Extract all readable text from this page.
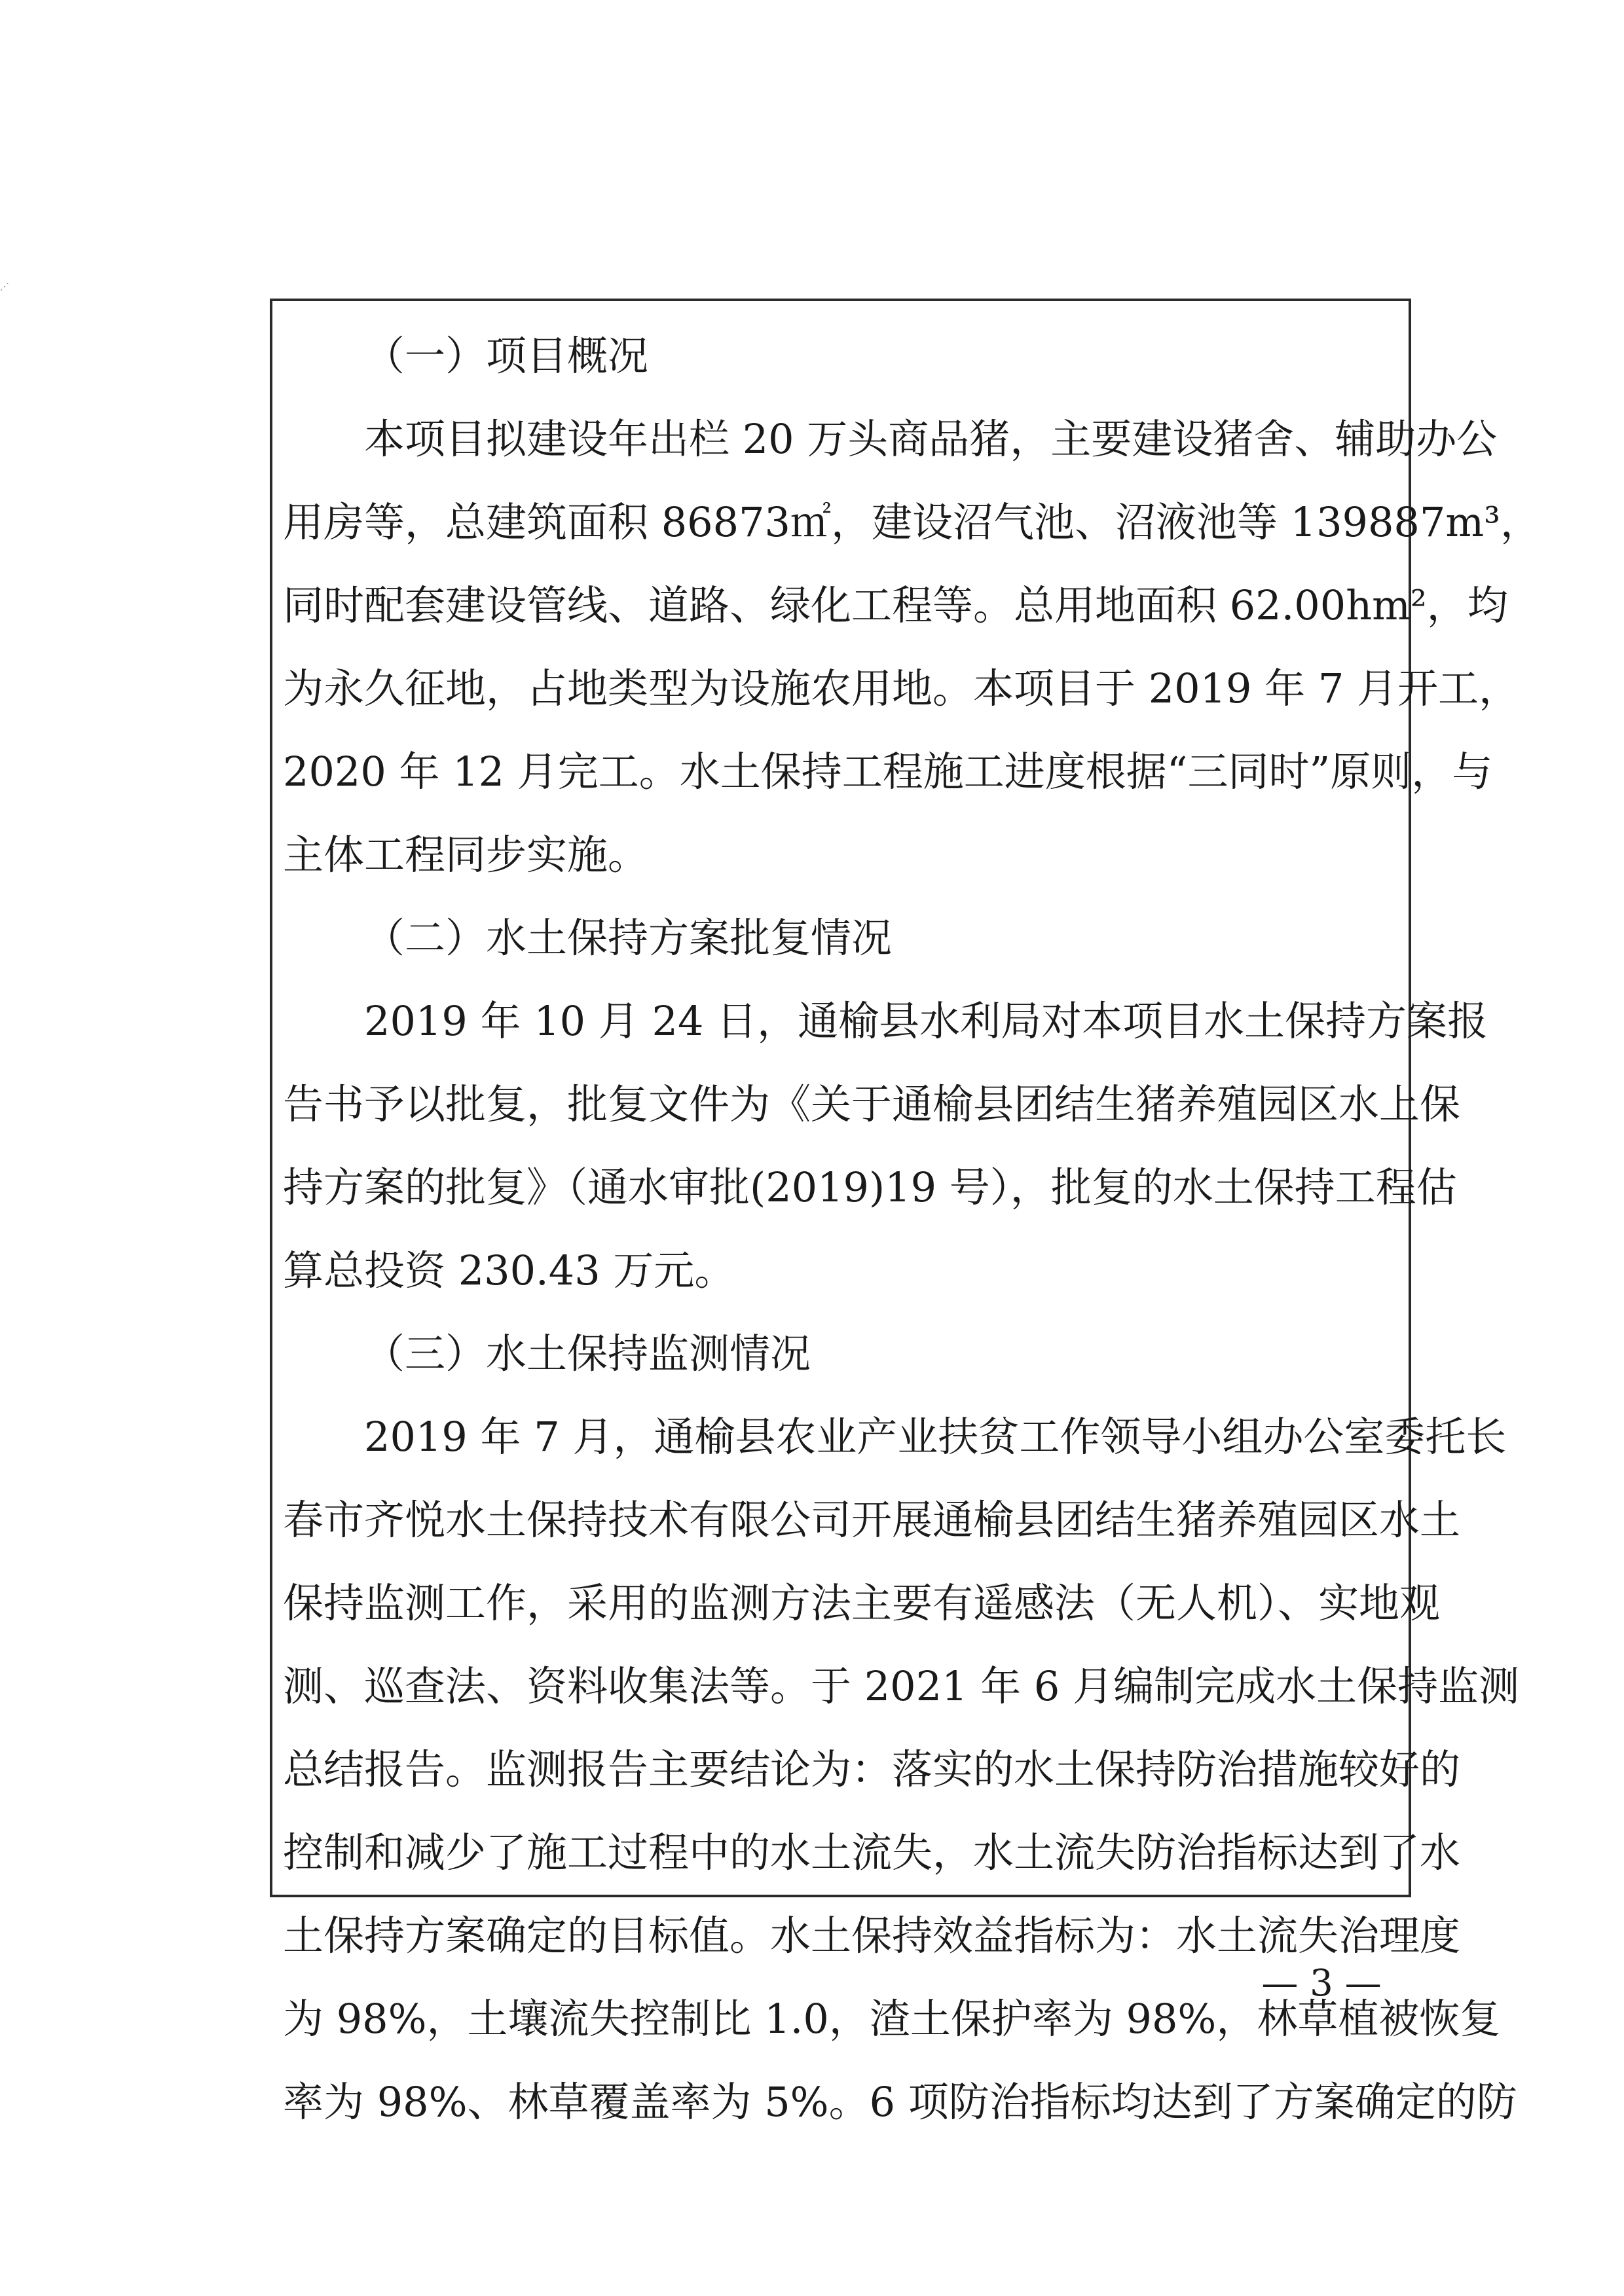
⋰
（一）项目概况
本项目拟建设年出栏 20 万头商品猪，主要建设猪舍、辅助办公
用房等，总建筑面积 86873㎡，建设沼气池、沼液池等 139887m³，
同时配套建设管线、道路、绿化工程等。总用地面积 62.00hm²，均
为永久征地，占地类型为设施农用地。本项目于 2019 年 7 月开工，
2020 年 12 月完工。水土保持工程施工进度根据“三同时”原则，与
主体工程同步实施。
（二）水土保持方案批复情况
2019 年 10 月 24 日，通榆县水利局对本项目水土保持方案报
告书予以批复，批复文件为《关于通榆县团结生猪养殖园区水上保
持方案的批复》（通水审批(2019)19 号），批复的水土保持工程估
算总投资 230.43 万元。
（三）水土保持监测情况
2019 年 7 月，通榆县农业产业扶贫工作领导小组办公室委托长
春市齐悦水土保持技术有限公司开展通榆县团结生猪养殖园区水土
保持监测工作，采用的监测方法主要有遥感法（无人机）、实地观
测、巡查法、资料收集法等。于 2021 年 6 月编制完成水土保持监测
总结报告。监测报告主要结论为：落实的水土保持防治措施较好的
控制和减少了施工过程中的水土流失，水土流失防治指标达到了水
土保持方案确定的目标值。水土保持效益指标为：水土流失治理度
为 98%，土壤流失控制比 1.0，渣土保护率为 98%，林草植被恢复
率为 98%、林草覆盖率为 5%。6 项防治指标均达到了方案确定的防
— 3 —
